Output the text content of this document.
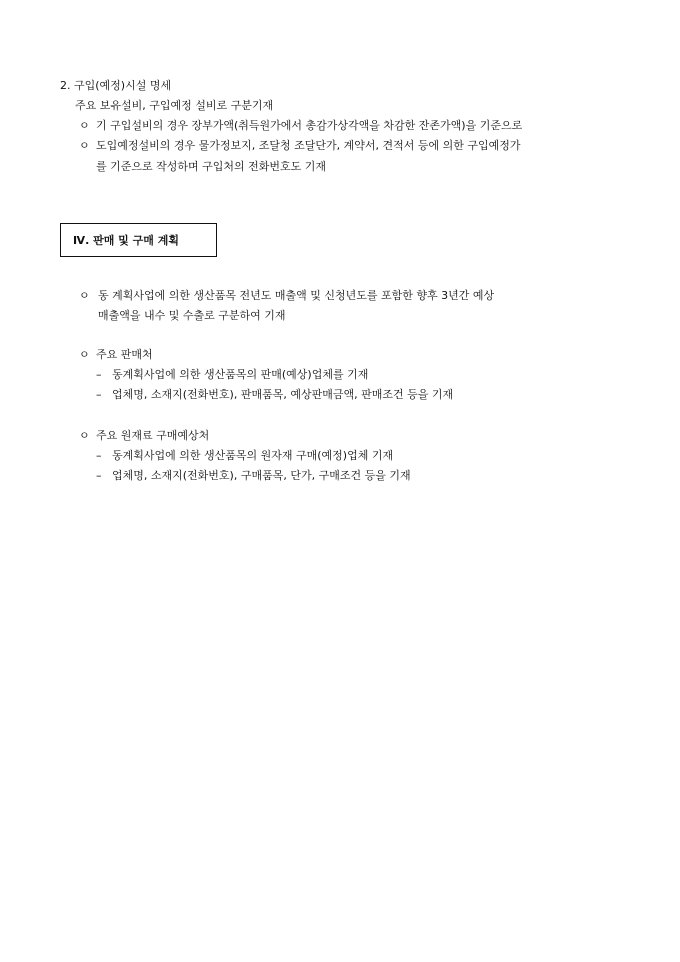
2. 구입(예정)시설 명세
주요 보유설비, 구입예정 설비로 구분기재
ㅇ 기 구입설비의 경우 장부가액(취득원가에서 총감가상각액을 차감한 잔존가액)을 기준으로
ㅇ 도입예정설비의 경우 물가정보지, 조달청 조달단가, 계약서, 견적서 등에 의한 구입예정가
를 기준으로 작성하며 구입처의 전화번호도 기재
Ⅳ. 판매 및 구매 계획
ㅇ 동 계획사업에 의한 생산품목 전년도 매출액 및 신청년도를 포함한 향후 3년간 예상
매출액을 내수 및 수출로 구분하여 기재
ㅇ 주요 판매처
– 동계획사업에 의한 생산품목의 판매(예상)업체를 기재
– 업체명, 소재지(전화번호), 판매품목, 예상판매금액, 판매조건 등을 기재
ㅇ 주요 원재료 구매예상처
– 동계획사업에 의한 생산품목의 원자재 구매(예정)업체 기재
– 업체명, 소재지(전화번호), 구매품목, 단가, 구매조건 등을 기재
